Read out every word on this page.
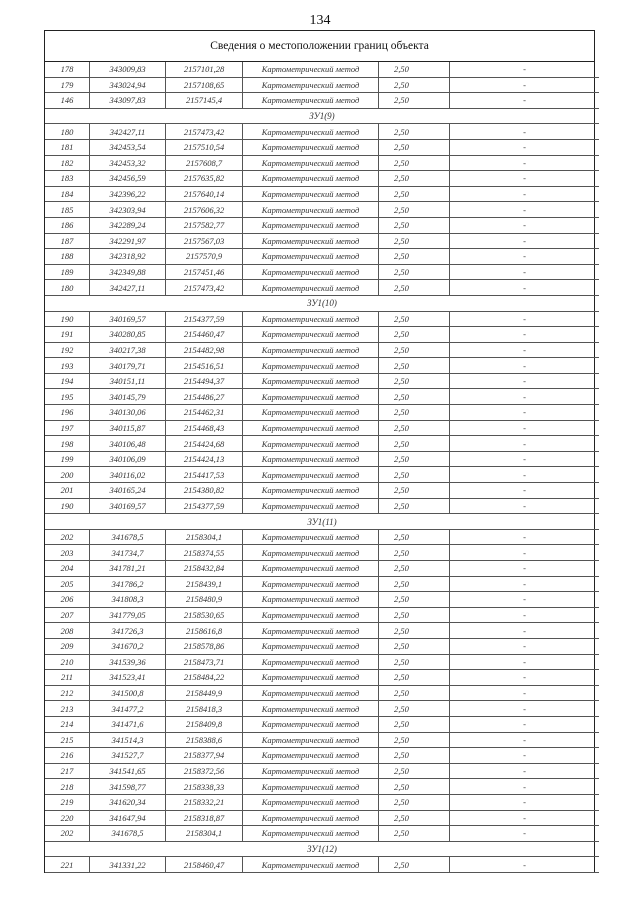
134
Сведения о местоположении границ объекта
178	343009,83	2157101,28	Картометрический метод	2,50	-
179	343024,94	2157108,65	Картометрический метод	2,50	-
146	343097,83	2157145,4	Картометрический метод	2,50	-
ЗУ1(9)					
180	342427,11	2157473,42	Картометрический метод	2,50	-
181	342453,54	2157510,54	Картометрический метод	2,50	-
182	342453,32	2157608,7	Картометрический метод	2,50	-
183	342456,59	2157635,82	Картометрический метод	2,50	-
184	342396,22	2157640,14	Картометрический метод	2,50	-
185	342303,94	2157606,32	Картометрический метод	2,50	-
186	342289,24	2157582,77	Картометрический метод	2,50	-
187	342291,97	2157567,03	Картометрический метод	2,50	-
188	342318,92	2157570,9	Картометрический метод	2,50	-
189	342349,88	2157451,46	Картометрический метод	2,50	-
180	342427,11	2157473,42	Картометрический метод	2,50	-
ЗУ1(10)					
190	340169,57	2154377,59	Картометрический метод	2,50	-
191	340280,85	2154460,47	Картометрический метод	2,50	-
192	340217,38	2154482,98	Картометрический метод	2,50	-
193	340179,71	2154516,51	Картометрический метод	2,50	-
194	340151,11	2154494,37	Картометрический метод	2,50	-
195	340145,79	2154486,27	Картометрический метод	2,50	-
196	340130,06	2154462,31	Картометрический метод	2,50	-
197	340115,87	2154468,43	Картометрический метод	2,50	-
198	340106,48	2154424,68	Картометрический метод	2,50	-
199	340106,09	2154424,13	Картометрический метод	2,50	-
200	340116,02	2154417,53	Картометрический метод	2,50	-
201	340165,24	2154380,82	Картометрический метод	2,50	-
190	340169,57	2154377,59	Картометрический метод	2,50	-
ЗУ1(11)					
202	341678,5	2158304,1	Картометрический метод	2,50	-
203	341734,7	2158374,55	Картометрический метод	2,50	-
204	341781,21	2158432,84	Картометрический метод	2,50	-
205	341786,2	2158439,1	Картометрический метод	2,50	-
206	341808,3	2158480,9	Картометрический метод	2,50	-
207	341779,05	2158530,65	Картометрический метод	2,50	-
208	341726,3	2158616,8	Картометрический метод	2,50	-
209	341670,2	2158578,86	Картометрический метод	2,50	-
210	341539,36	2158473,71	Картометрический метод	2,50	-
211	341523,41	2158484,22	Картометрический метод	2,50	-
212	341500,8	2158449,9	Картометрический метод	2,50	-
213	341477,2	2158418,3	Картометрический метод	2,50	-
214	341471,6	2158409,8	Картометрический метод	2,50	-
215	341514,3	2158388,6	Картометрический метод	2,50	-
216	341527,7	2158377,94	Картометрический метод	2,50	-
217	341541,65	2158372,56	Картометрический метод	2,50	-
218	341598,77	2158338,33	Картометрический метод	2,50	-
219	341620,34	2158332,21	Картометрический метод	2,50	-
220	341647,94	2158318,87	Картометрический метод	2,50	-
202	341678,5	2158304,1	Картометрический метод	2,50	-
ЗУ1(12)					
221	341331,22	2158460,47	Картометрический метод	2,50	-
